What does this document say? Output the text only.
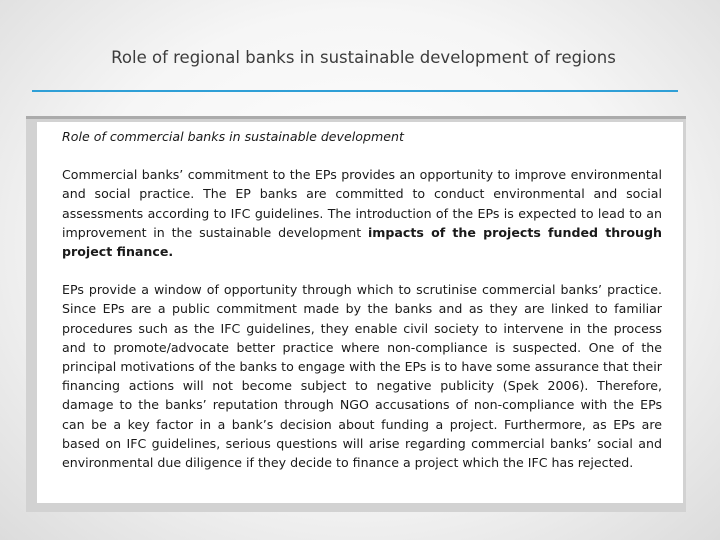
Role of regional banks in sustainable development of regions

Role of commercial banks in sustainable development

Commercial banks’ commitment to the EPs provides an opportunity to improve environmental and social practice. The EP banks are committed to conduct environmental and social assessments according to IFC guidelines. The introduction of the EPs is expected to lead to an improvement in the sustainable development impacts of the projects funded through project finance.

EPs provide a window of opportunity through which to scrutinise commercial banks’ practice. Since EPs are a public commitment made by the banks and as they are linked to familiar procedures such as the IFC guidelines, they enable civil society to intervene in the process and to promote/advocate better practice where non-compliance is suspected. One of the principal motivations of the banks to engage with the EPs is to have some assurance that their financing actions will not become subject to negative publicity (Spek 2006). Therefore, damage to the banks’ reputation through NGO accusations of non-compliance with the EPs can be a key factor in a bank’s decision about funding a project. Furthermore, as EPs are based on IFC guidelines, serious questions will arise regarding commercial banks’ social and environmental due diligence if they decide to finance a project which the IFC has rejected.
